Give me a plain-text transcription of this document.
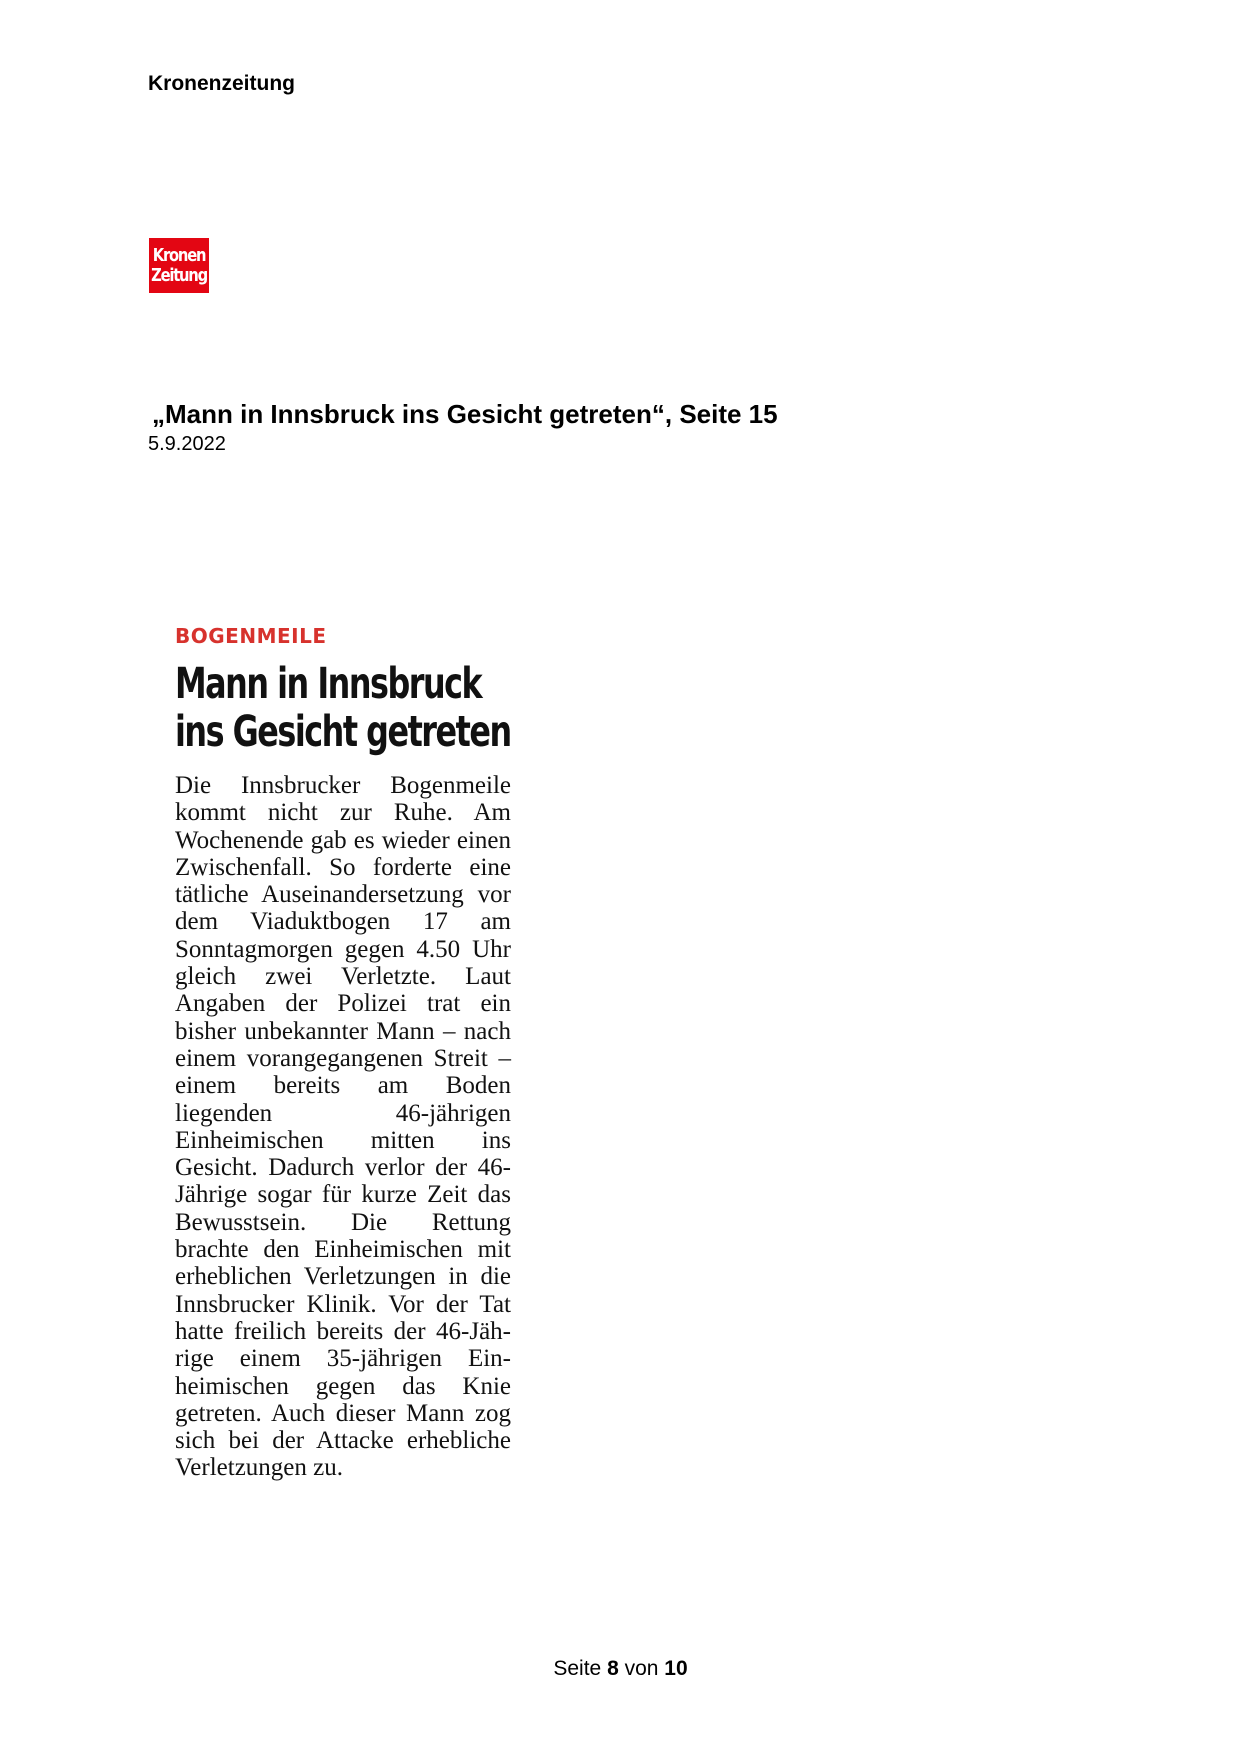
Kronenzeitung
Kronen
Zeitung
„Mann in Innsbruck ins Gesicht getreten“, Seite 15
5.9.2022
BOGENMEILE
Mann in Innsbruck
ins Gesicht getreten

Die Innsbrucker Bogenmeile kommt nicht zur Ruhe. Am Wochenende gab es wieder einen Zwischenfall. So forderte eine tätliche Auseinandersetzung vor dem Viaduktbogen 17 am Sonntagmorgen gegen 4.50 Uhr gleich zwei Verletzte. Laut Angaben der Polizei trat ein bisher unbekannter Mann – nach einem vorangegangenen Streit – einem bereits am Boden liegenden 46-jährigen Einheimischen mitten ins Gesicht. Dadurch verlor der 46-Jährige sogar für kurze Zeit das Bewusstsein. Die Rettung brachte den Einheimischen mit erheblichen Verletzungen in die Innsbrucker Klinik. Vor der Tat hatte freilich bereits der 46-Jährige einem 35-jährigen Einheimischen gegen das Knie getreten. Auch dieser Mann zog sich bei der Attacke erhebliche Verletzungen zu.

Seite 8 von 10
